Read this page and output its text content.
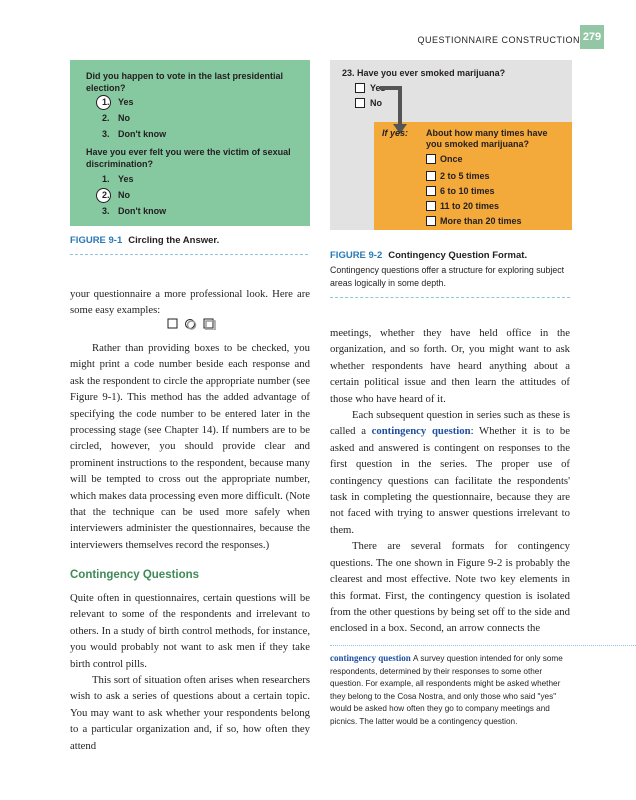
QUESTIONNAIRE CONSTRUCTION 279
Did you happen to vote in the last presidential election?
1. Yes
2. No
3. Don't know
Have you ever felt you were the victim of sexual discrimination?
1. Yes
2. No
3. Don't know
FIGURE 9-1 Circling the Answer.
23. Have you ever smoked marijuana?
Yes
No
If yes: About how many times have you smoked marijuana?
Once
2 to 5 times
6 to 10 times
11 to 20 times
More than 20 times
FIGURE 9-2 Contingency Question Format.
Contingency questions offer a structure for exploring subject areas logically in some depth.
your questionnaire a more professional look. Here are some easy examples:

Rather than providing boxes to be checked, you might print a code number beside each response and ask the respondent to circle the appropriate number (see Figure 9-1). This method has the added advantage of specifying the code number to be entered later in the processing stage (see Chapter 14). If numbers are to be circled, however, you should provide clear and prominent instructions to the respondent, because many will be tempted to cross out the appropriate number, which makes data processing even more difficult. (Note that the technique can be used more safely when interviewers administer the questionnaires, because the interviewers themselves record the responses.)

Contingency Questions

Quite often in questionnaires, certain questions will be relevant to some of the respondents and irrelevant to others. In a study of birth control methods, for instance, you would probably not want to ask men if they take birth control pills.

This sort of situation often arises when researchers wish to ask a series of questions about a certain topic. You may want to ask whether your respondents belong to a particular organization and, if so, how often they attend

meetings, whether they have held office in the organization, and so forth. Or, you might want to ask whether respondents have heard anything about a certain political issue and then learn the attitudes of those who have heard of it.

Each subsequent question in series such as these is called a contingency question: Whether it is to be asked and answered is contingent on responses to the first question in the series. The proper use of contingency questions can facilitate the respondents' task in completing the questionnaire, because they are not faced with trying to answer questions irrelevant to them.

There are several formats for contingency questions. The one shown in Figure 9-2 is probably the clearest and most effective. Note two key elements in this format. First, the contingency question is isolated from the other questions by being set off to the side and enclosed in a box. Second, an arrow connects the

contingency question A survey question intended for only some respondents, determined by their responses to some other question. For example, all respondents might be asked whether they belong to the Cosa Nostra, and only those who said "yes" would be asked how often they go to company meetings and picnics. The latter would be a contingency question.
